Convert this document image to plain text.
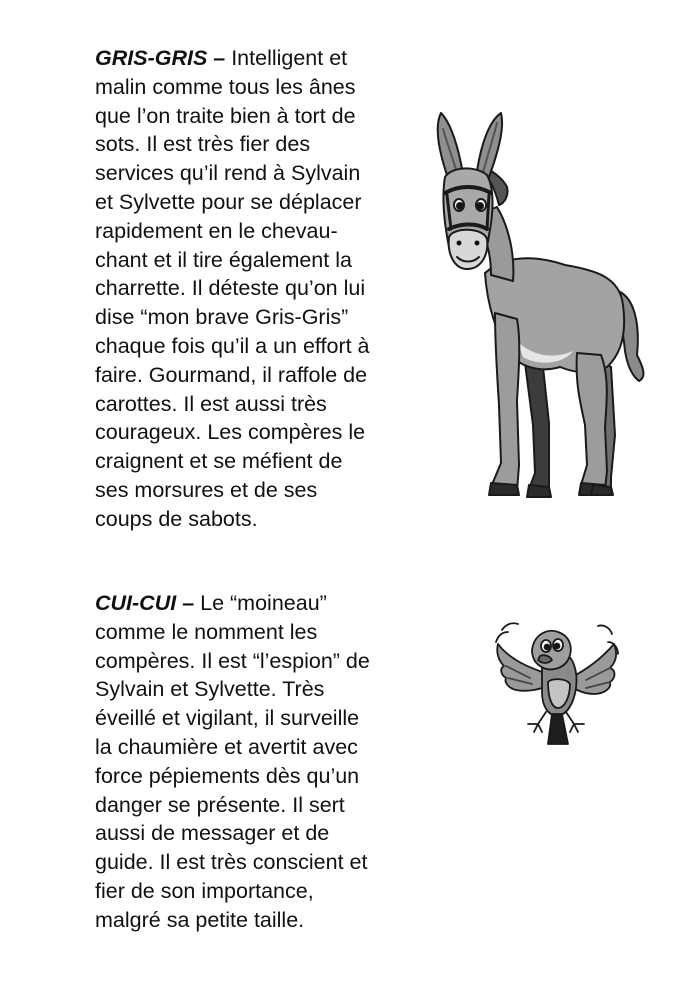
GRIS-GRIS – Intelligent et
malin comme tous les ânes
que l’on traite bien à tort de
sots. Il est très fier des
services qu’il rend à Sylvain
et Sylvette pour se déplacer
rapidement en le chevau-
chant et il tire également la
charrette. Il déteste qu’on lui
dise “mon brave Gris-Gris”
chaque fois qu’il a un effort à
faire. Gourmand, il raffole de
carottes. Il est aussi très
courageux. Les compères le
craignent et se méfient de
ses morsures et de ses
coups de sabots.
CUI-CUI – Le “moineau”
comme le nomment les
compères. Il est “l’espion” de
Sylvain et Sylvette. Très
éveillé et vigilant, il surveille
la chaumière et avertit avec
force pépiements dès qu’un
danger se présente. Il sert
aussi de messager et de
guide. Il est très conscient et
fier de son importance,
malgré sa petite taille.
